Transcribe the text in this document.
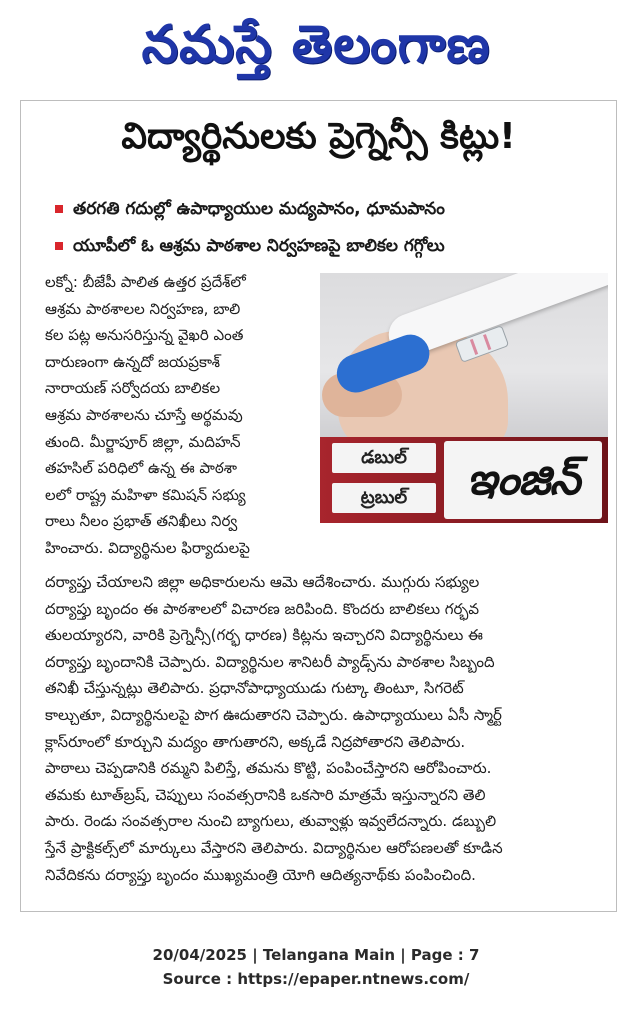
నమస్తే తెలంగాణ
విద్యార్థినులకు ప్రెగ్నెన్సీ కిట్లు!
తరగతి గదుల్లో ఉపాధ్యాయుల మద్యపానం, ధూమపానం
యూపీలో ఓ ఆశ్రమ పాఠశాల నిర్వహణపై బాలికల గగ్గోలు
డబుల్
ట్రబుల్	ఇంజిన్
లక్నో: బీజేపీ పాలిత ఉత్తర ప్రదేశ్‌లో
ఆశ్రమ పాఠశాలల నిర్వహణ, బాలి
కల పట్ల అనుసరిస్తున్న వైఖరి ఎంత
దారుణంగా ఉన్నదో జయప్రకాశ్
నారాయణ్ సర్వోదయ బాలికల
ఆశ్రమ పాఠశాలను చూస్తే అర్థమవు
తుంది. మీర్జాపూర్ జిల్లా, మదిహన్
తహసిల్ పరిధిలో ఉన్న ఈ పాఠశా
లలో రాష్ట్ర మహిళా కమిషన్ సభ్యు
రాలు నీలం ప్రభాత్ తనిఖీలు నిర్వ
హించారు. విద్యార్థినుల ఫిర్యాదులపై
దర్యాప్తు చేయాలని జిల్లా అధికారులను ఆమె ఆదేశించారు. ముగ్గురు సభ్యుల
దర్యాప్తు బృందం ఈ పాఠశాలలో విచారణ జరిపింది. కొందరు బాలికలు గర్భవ
తులయ్యారని, వారికి ప్రెగ్నెన్సీ(గర్భ ధారణ) కిట్లను ఇచ్చారని విద్యార్థినులు ఈ
దర్యాప్తు బృందానికి చెప్పారు. విద్యార్థినుల శానిటరీ ప్యాడ్స్‌ను పాఠశాల సిబ్బంది
తనిఖీ చేస్తున్నట్లు తెలిపారు. ప్రధానోపాధ్యాయుడు గుట్కా తింటూ, సిగరెట్
కాల్చుతూ, విద్యార్థినులపై పొగ ఊదుతారని చెప్పారు. ఉపాధ్యాయులు ఏసీ స్మార్ట్
క్లాస్‌రూంలో కూర్చుని మద్యం తాగుతారని, అక్కడే నిద్రపోతారని తెలిపారు.
పాఠాలు చెప్పడానికి రమ్మని పిలిస్తే, తమను కొట్టి, పంపించేస్తారని ఆరోపించారు.
తమకు టూత్‌బ్రష్, చెప్పులు సంవత్సరానికి ఒకసారి మాత్రమే ఇస్తున్నారని తెలి
పారు. రెండు సంవత్సరాల నుంచి బ్యాగులు, తువ్వాళ్లు ఇవ్వలేదన్నారు. డబ్బులి
స్తేనే ప్రాక్టికల్స్‌లో మార్కులు వేస్తారని తెలిపారు. విద్యార్థినుల ఆరోపణలతో కూడిన
నివేదికను దర్యాప్తు బృందం ముఖ్యమంత్రి యోగి ఆదిత్యనాథ్‌కు పంపించింది.
20/04/2025 | Telangana Main | Page : 7
Source : https://epaper.ntnews.com/
